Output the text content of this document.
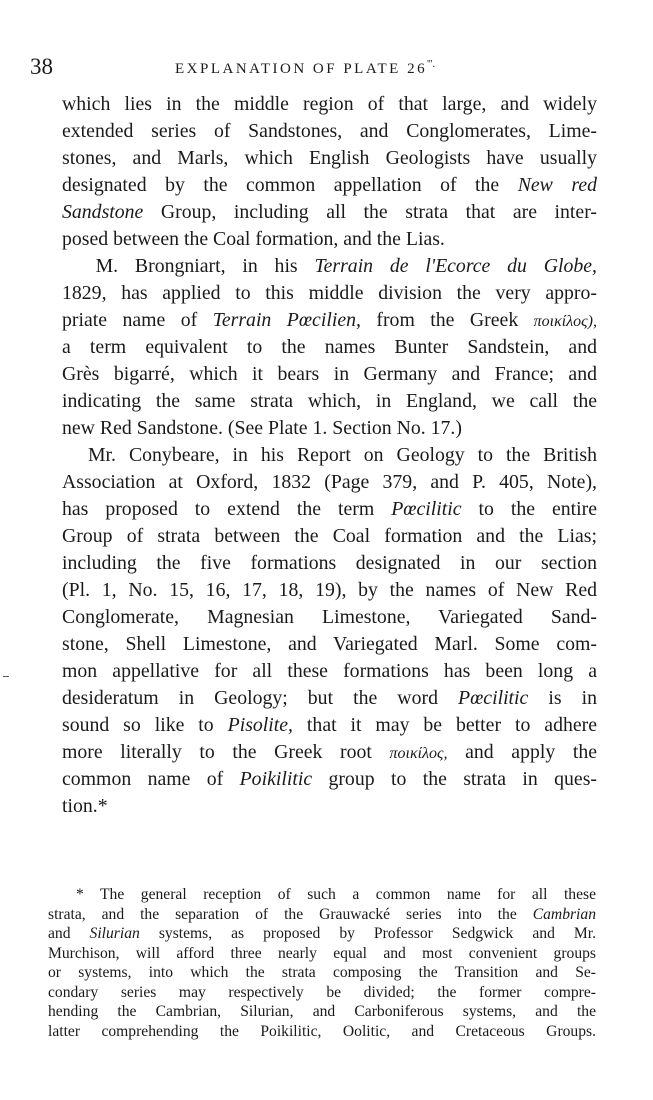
38	EXPLANATION OF PLATE 26'''.
which lies in the middle region of that large, and widely
extended series of Sandstones, and Conglomerates, Lime-
stones, and Marls, which English Geologists have usually
designated by the common appellation of the New red
Sandstone Group, including all the strata that are inter-
posed between the Coal formation, and the Lias.
M. Brongniart, in his Terrain de l'Ecorce du Globe,
1829, has applied to this middle division the very appro-
priate name of Terrain Pœcilien, from the Greek ποικίλος),
a term equivalent to the names Bunter Sandstein, and
Grès bigarré, which it bears in Germany and France; and
indicating the same strata which, in England, we call the
new Red Sandstone. (See Plate 1. Section No. 17.)
Mr. Conybeare, in his Report on Geology to the British
Association at Oxford, 1832 (Page 379, and P. 405, Note),
has proposed to extend the term Pœcilitic to the entire
Group of strata between the Coal formation and the Lias;
including the five formations designated in our section
(Pl. 1, No. 15, 16, 17, 18, 19), by the names of New Red
Conglomerate, Magnesian Limestone, Variegated Sand-
stone, Shell Limestone, and Variegated Marl. Some com-
mon appellative for all these formations has been long a
desideratum in Geology; but the word Pœcilitic is in
sound so like to Pisolite, that it may be better to adhere
more literally to the Greek root ποικίλος, and apply the
common name of Poikilitic group to the strata in ques-
tion.*
* The general reception of such a common name for all these
strata, and the separation of the Grauwacké series into the Cambrian
and Silurian systems, as proposed by Professor Sedgwick and Mr.
Murchison, will afford three nearly equal and most convenient groups
or systems, into which the strata composing the Transition and Se-
condary series may respectively be divided; the former compre-
hending the Cambrian, Silurian, and Carboniferous systems, and the
latter comprehending the Poikilitic, Oolitic, and Cretaceous Groups.
